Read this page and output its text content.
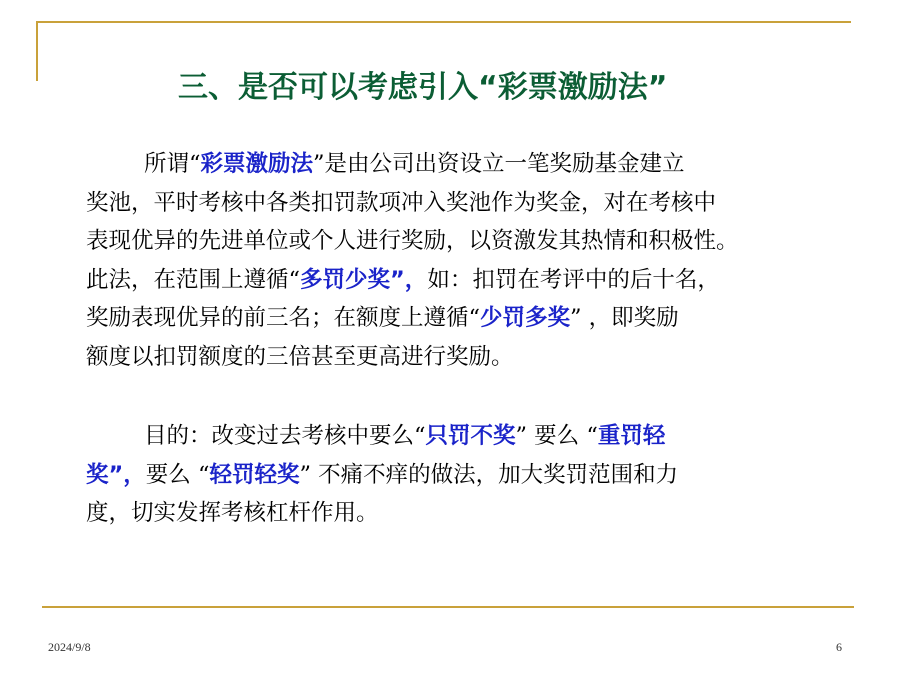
三、是否可以考虑引入“彩票激励法”
所谓“彩票激励法”是由公司出资设立一笔奖励基金建立
奖池，平时考核中各类扣罚款项冲入奖池作为奖金，对在考核中
表现优异的先进单位或个人进行奖励，以资激发其热情和积极性。
此法，在范围上遵循“多罚少奖”，如：扣罚在考评中的后十名，
奖励表现优异的前三名；在额度上遵循“少罚多奖” ，即奖励
额度以扣罚额度的三倍甚至更高进行奖励。
目的：改变过去考核中要么“只罚不奖” 要么 “重罚轻
奖”，要么 “轻罚轻奖” 不痛不痒的做法，加大奖罚范围和力
度，切实发挥考核杠杆作用。
2024/9/8	6
